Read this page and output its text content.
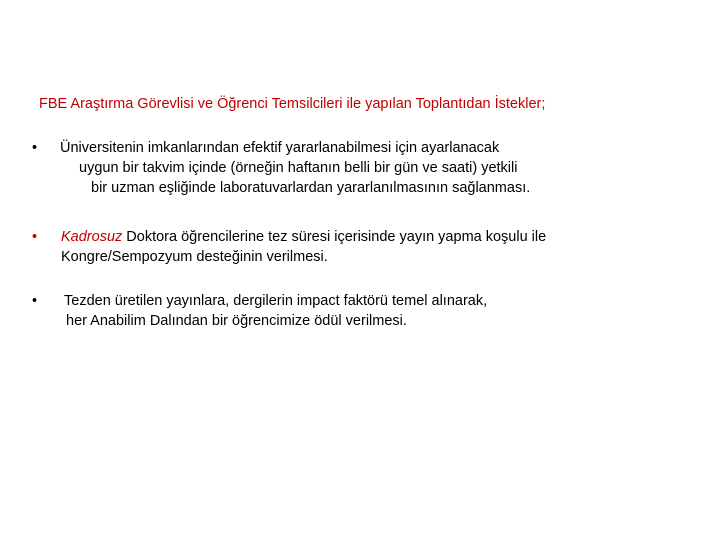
FBE Araştırma Görevlisi ve Öğrenci Temsilcileri ile yapılan Toplantıdan İstekler;
•	Üniversitenin imkanlarından efektif yararlanabilmesi için ayarlanacak
uygun bir takvim içinde (örneğin haftanın belli bir gün ve saati) yetkili
bir uzman eşliğinde laboratuvarlardan yararlanılmasının sağlanması.
•	Kadrosuz Doktora öğrencilerine tez süresi içerisinde yayın yapma koşulu ile
Kongre/Sempozyum desteğinin verilmesi.
•	Tezden üretilen yayınlara, dergilerin impact faktörü temel alınarak,
her Anabilim Dalından bir öğrencimize ödül verilmesi.
